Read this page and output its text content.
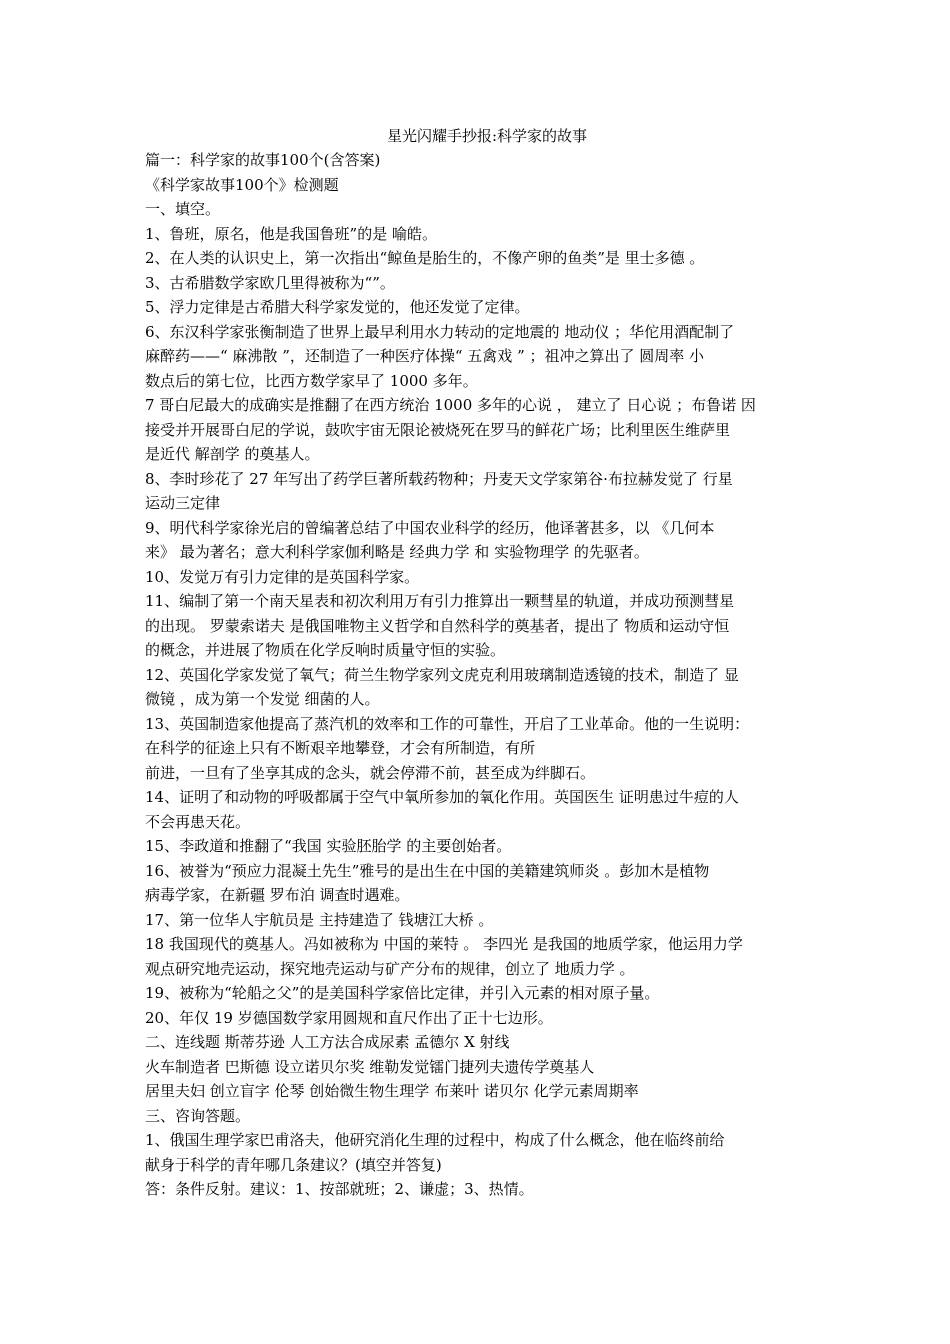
星光闪耀手抄报:科学家的故事

篇一：科学家的故事100个(含答案)

《科学家故事100个》检测题

一、填空。

1、鲁班，原名，他是我国鲁班”的是 喻皓。

2、在人类的认识史上，第一次指出“鲸鱼是胎生的，不像产卵的鱼类”是 里士多德 。

3、古希腊数学家欧几里得被称为“”。

5、浮力定律是古希腊大科学家发觉的，他还发觉了定律。

6、东汉科学家张衡制造了世界上最早利用水力转动的定地震的 地动仪 ；华佗用酒配制了

麻醉药——“ 麻沸散 ”，还制造了一种医疗体操“ 五禽戏 ” ；祖冲之算出了 圆周率 小

数点后的第七位，比西方数学家早了 1000 多年。

7 哥白尼最大的成确实是推翻了在西方统治 1000 多年的心说 ， 建立了 日心说 ；布鲁诺 因

接受并开展哥白尼的学说，鼓吹宇宙无限论被烧死在罗马的鲜花广场；比利里医生维萨里

是近代 解剖学 的奠基人。

8、李时珍花了 27 年写出了药学巨著所载药物种；丹麦天文学家第谷·布拉赫发觉了 行星

运动三定律

9、明代科学家徐光启的曾编著总结了中国农业科学的经历，他译著甚多，以 《几何本

来》 最为著名；意大利科学家伽利略是 经典力学 和 实验物理学 的先驱者。

10、发觉万有引力定律的是英国科学家。

11、编制了第一个南天星表和初次利用万有引力推算出一颗彗星的轨道，并成功预测彗星

的出现。 罗蒙索诺夫 是俄国唯物主义哲学和自然科学的奠基者，提出了 物质和运动守恒

的概念，并进展了物质在化学反响时质量守恒的实验。

12、英国化学家发觉了氧气；荷兰生物学家列文虎克利用玻璃制造透镜的技术，制造了 显

微镜 ，成为第一个发觉 细菌的人。

13、英国制造家他提高了蒸汽机的效率和工作的可靠性，开启了工业革命。他的一生说明：

在科学的征途上只有不断艰辛地攀登，才会有所制造，有所

前进，一旦有了坐享其成的念头，就会停滞不前，甚至成为绊脚石。

14、证明了和动物的呼吸都属于空气中氧所参加的氧化作用。英国医生 证明患过牛痘的人

不会再患天花。

15、李政道和推翻了“我国 实验胚胎学 的主要创始者。

16、被誉为“预应力混凝土先生”雅号的是出生在中国的美籍建筑师炎 。彭加木是植物

病毒学家，在新疆 罗布泊 调查时遇难。

17、第一位华人宇航员是 主持建造了 钱塘江大桥 。

18 我国现代的奠基人。冯如被称为 中国的莱特 。 李四光 是我国的地质学家，他运用力学

观点研究地壳运动，探究地壳运动与矿产分布的规律，创立了 地质力学 。

19、被称为“轮船之父”的是美国科学家倍比定律，并引入元素的相对原子量。

20、年仅 19 岁德国数学家用圆规和直尺作出了正十七边形。

二、连线题 斯蒂芬逊 人工方法合成尿素 孟德尔 X 射线

火车制造者 巴斯德 设立诺贝尔奖 维勒发觉镭门捷列夫遗传学奠基人

居里夫妇 创立盲字 伦琴 创始微生物生理学 布莱叶 诺贝尔 化学元素周期率

三、咨询答题。

1、俄国生理学家巴甫洛夫，他研究消化生理的过程中，构成了什么概念，他在临终前给

献身于科学的青年哪几条建议？(填空并答复)

答：条件反射。建议：1、按部就班；2、谦虚；3、热情。
